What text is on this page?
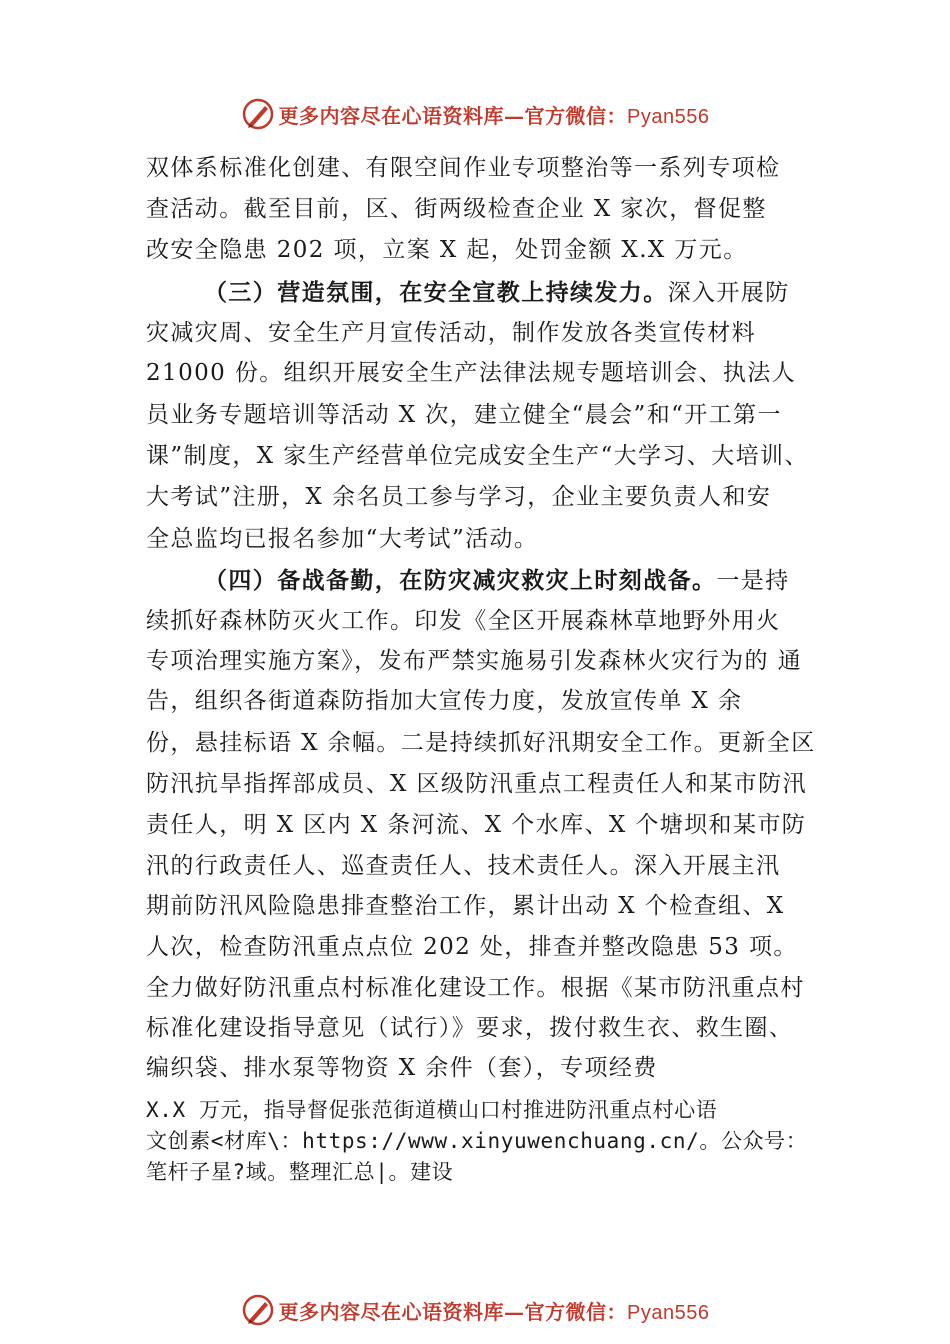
更多内容尽在心语资料库—官方微信：Pyan556
双体系标准化创建、有限空间作业专项整治等一系列专项检
查活动。截至目前，区、街两级检查企业 X 家次，督促整
改安全隐患 202 项，立案 X 起，处罚金额 X.X 万元。
（三）营造氛围，在安全宣教上持续发力。深入开展防
灾减灾周、安全生产月宣传活动，制作发放各类宣传材料
21000 份。组织开展安全生产法律法规专题培训会、执法人
员业务专题培训等活动 X 次，建立健全“晨会”和“开工第一
课”制度，X 家生产经营单位完成安全生产“大学习、大培训、
大考试”注册，X 余名员工参与学习，企业主要负责人和安
全总监均已报名参加“大考试”活动。
（四）备战备勤，在防灾减灾救灾上时刻战备。一是持
续抓好森林防灭火工作。印发《全区开展森林草地野外用火
专项治理实施方案》，发布严禁实施易引发森林火灾行为的 通
告，组织各街道森防指加大宣传力度，发放宣传单 X 余
份，悬挂标语 X 余幅。二是持续抓好汛期安全工作。更新全区
防汛抗旱指挥部成员、X 区级防汛重点工程责任人和某市防汛
责任人，明 X 区内 X 条河流、X 个水库、X 个塘坝和某市防
汛的行政责任人、巡查责任人、技术责任人。深入开展主汛
期前防汛风险隐患排查整治工作，累计出动 X 个检查组、X
人次，检查防汛重点点位 202 处，排查并整改隐患 53 项。
全力做好防汛重点村标准化建设工作。根据《某市防汛重点村
标准化建设指导意见（试行）》要求，拨付救生衣、救生圈、
编织袋、排水泵等物资 X 余件（套），专项经费
X.X 万元，指导督促张范街道横山口村推进防汛重点村心语
文创素<材库\：https://www.xinyuwenchuang.cn/。公众号：
笔杆子星?域。整理汇总|。建设
更多内容尽在心语资料库—官方微信：Pyan556
